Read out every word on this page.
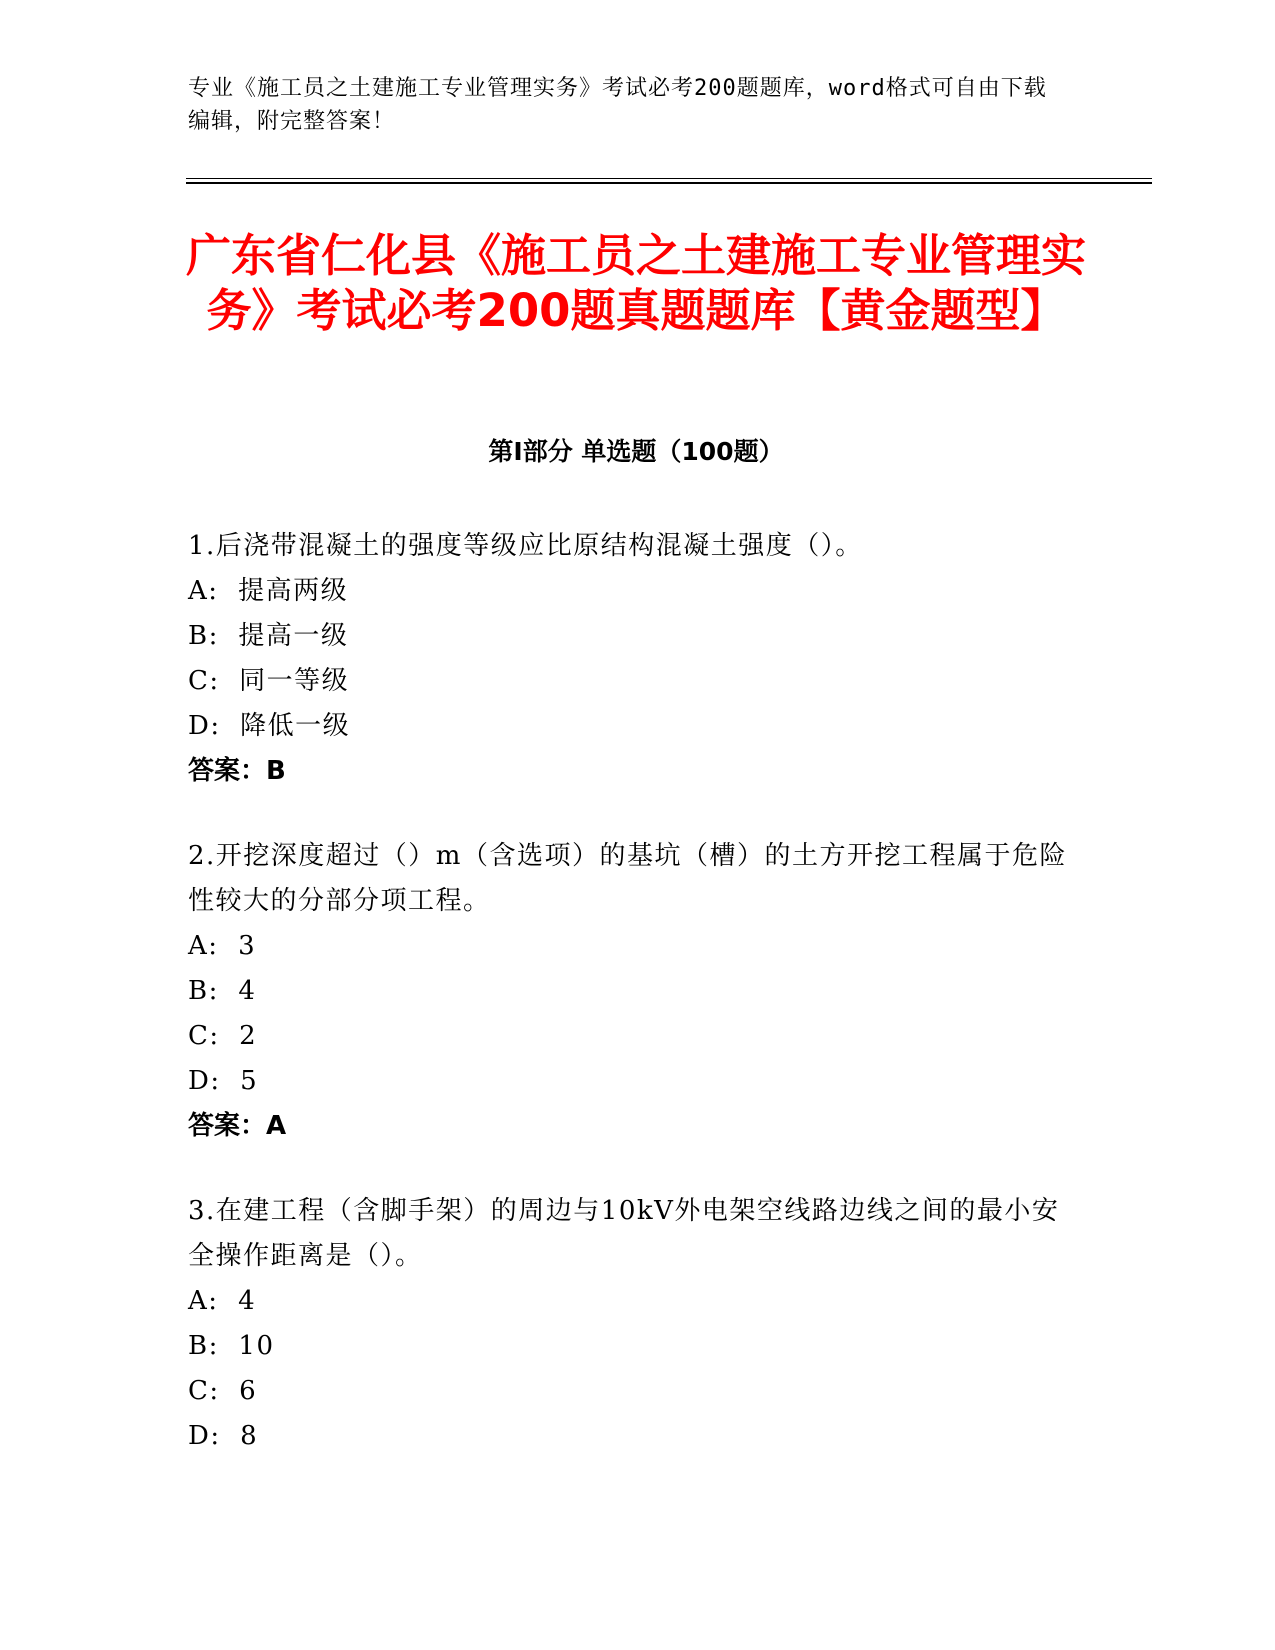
专业《施工员之土建施工专业管理实务》考试必考200题题库，word格式可自由下载编辑，附完整答案！
广东省仁化县《施工员之土建施工专业管理实务》考试必考200题真题题库【黄金题型】
第I部分 单选题（100题）
1.后浇带混凝土的强度等级应比原结构混凝土强度（）。
A:  提高两级
B:  提高一级
C:  同一等级
D:  降低一级
答案：B
2.开挖深度超过（）m（含选项）的基坑（槽）的土方开挖工程属于危险性较大的分部分项工程。
A:  3
B:  4
C:  2
D:  5
答案：A
3.在建工程（含脚手架）的周边与10kV外电架空线路边线之间的最小安全操作距离是（）。
A:  4
B:  10
C:  6
D:  8
